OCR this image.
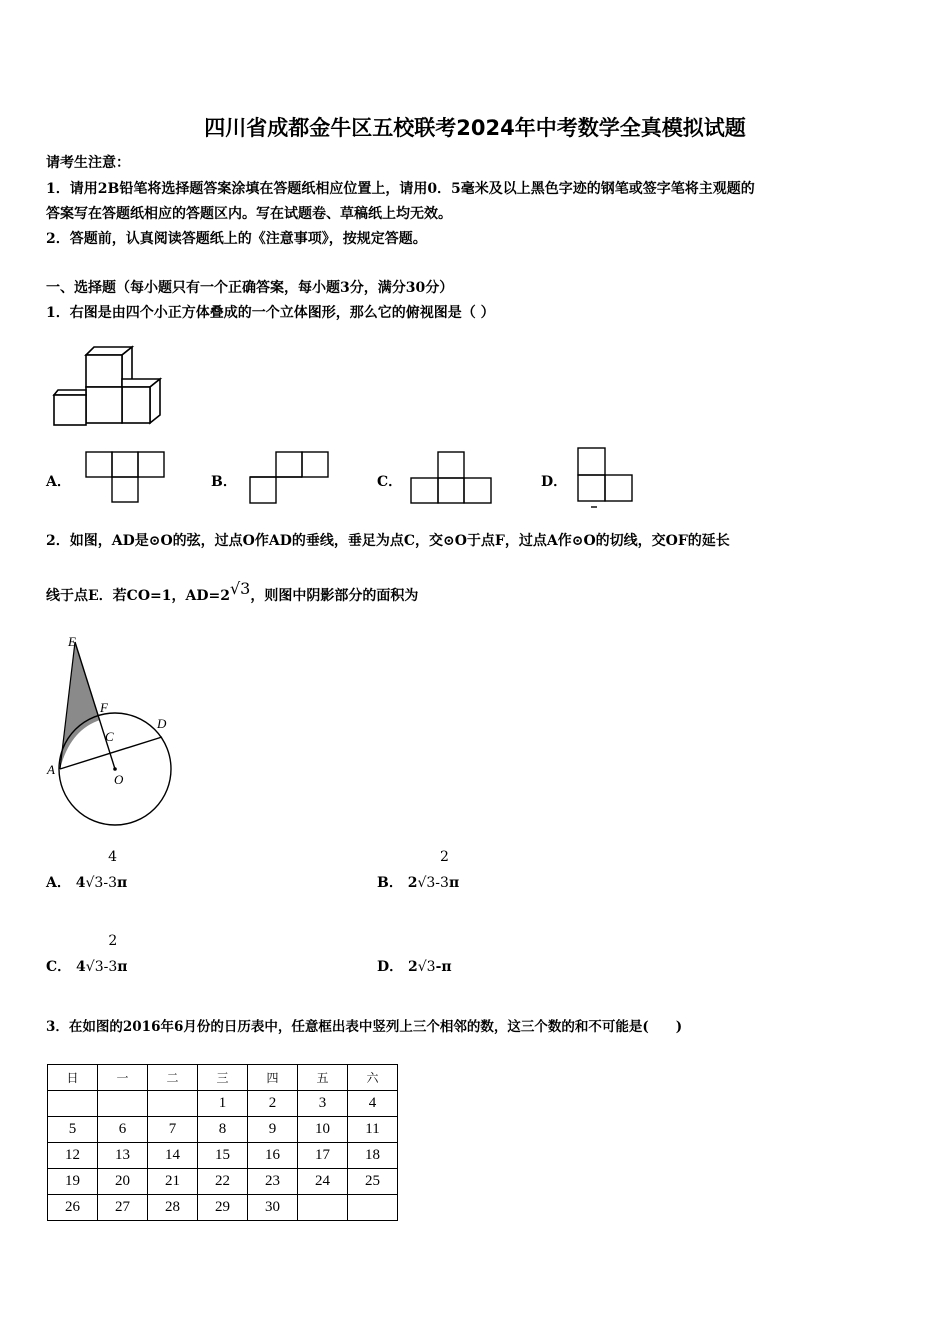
四川省成都金牛区五校联考2024年中考数学全真模拟试题
请考生注意：
1．请用2B铅笔将选择题答案涂填在答题纸相应位置上，请用0．5毫米及以上黑色字迹的钢笔或签字笔将主观题的
答案写在答题纸相应的答题区内。写在试题卷、草稿纸上均无效。
2．答题前，认真阅读答题纸上的《注意事项》，按规定答题。
一、选择题（每小题只有一个正确答案，每小题3分，满分30分）
1．右图是由四个小正方体叠成的一个立体图形，那么它的俯视图是（ ）
A．	B．	C．	D．
2．如图，AD是⊙O的弦，过点O作AD的垂线，垂足为点C，交⊙O于点F，过点A作⊙O的切线，交OF的延长
线于点E．若CO=1，AD=2√3，则图中阴影部分的面积为
E
F
C
D
A
O
A． 4√3-
4
3π	B． 2√3-
2
3π
C． 4√3-
2
3π	D． 2√3-π
3．在如图的2016年6月份的日历表中，任意框出表中竖列上三个相邻的数，这三个数的和不可能是(　　)
日	一	二	三	四	五	六
			1	2	3	4
5	6	7	8	9	10	11
12	13	14	15	16	17	18
19	20	21	22	23	24	25
26	27	28	29	30		
